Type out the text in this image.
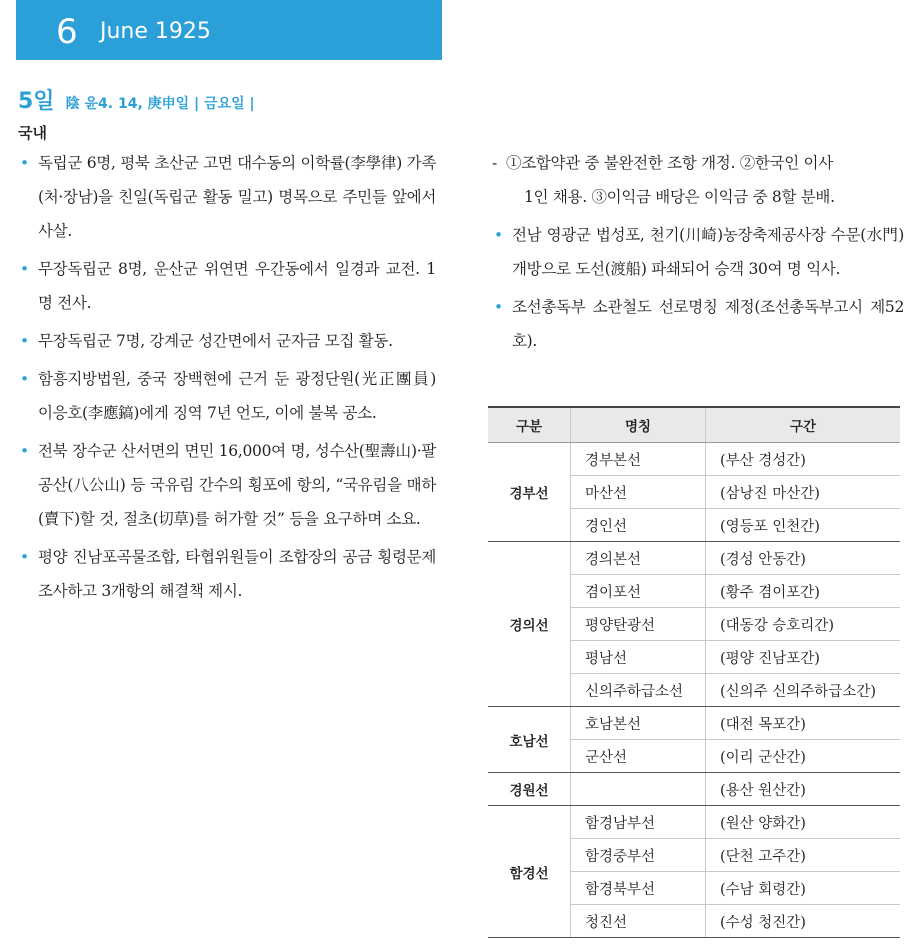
6 June 1925
5일 陰 윤4. 14, 庚申일 | 금요일 |
국내
• 독립군 6명, 평북 초산군 고면 대수동의 이학률(李學律) 가족(처·장남)을 친일(독립군 활동 밀고) 명목으로 주민들 앞에서 사살.
• 무장독립군 8명, 운산군 위연면 우간동에서 일경과 교전. 1명 전사.
• 무장독립군 7명, 강계군 성간면에서 군자금 모집 활동.
• 함흥지방법원, 중국 장백현에 근거 둔 광정단원(光正團員) 이응호(李應鎬)에게 징역 7년 언도, 이에 불복 공소.
• 전북 장수군 산서면의 면민 16,000여 명, 성수산(聖壽山)·팔공산(八公山) 등 국유림 간수의 횡포에 항의, “국유림을 매하(賣下)할 것, 절초(切草)를 허가할 것” 등을 요구하며 소요.
• 평양 진남포곡물조합, 타협위원들이 조합장의 공금 횡령문제 조사하고 3개항의 해결책 제시.
- ①조합약관 중 불완전한 조항 개정. ②한국인 이사
1인 채용. ③이익금 배당은 이익금 중 8할 분배.
• 전남 영광군 법성포, 천기(川崎)농장축제공사장 수문(水門) 개방으로 도선(渡船) 파쇄되어 승객 30여 명 익사.
• 조선총독부 소관철도 선로명칭 제정(조선총독부고시 제52호).
구분	명칭	구간
경부선	경부본선	(부산 경성간)
	마산선	(삼낭진 마산간)
	경인선	(영등포 인천간)
경의선	경의본선	(경성 안동간)
	겸이포선	(황주 겸이포간)
	평양탄광선	(대동강 승호리간)
	평남선	(평양 진남포간)
	신의주하급소선	(신의주 신의주하급소간)
호남선	호남본선	(대전 목포간)
	군산선	(이리 군산간)
경원선		(용산 원산간)
함경선	함경남부선	(원산 양화간)
	함경중부선	(단천 고주간)
	함경북부선	(수남 회령간)
	청진선	(수성 청진간)
